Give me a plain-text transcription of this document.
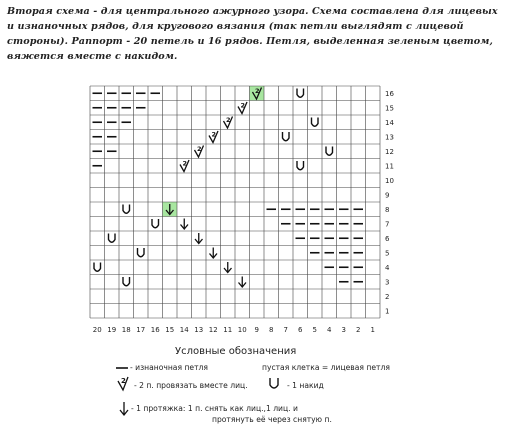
Вторая схема - для центрального ажурного узора. Схема составлена для лицевых и изнаночных рядов, для кругового вязания (так петли выглядят с лицевой стороны). Раппорт - 20 петель и 16 рядов. Петля, выделенная зеленым цветом, вяжется вместе с накидом.
2
2
2
2
2
2
20 19 18 17 16 15 14 13 12 11 10 9 8 7 6 5 4 3 2 1
16
15
14
13
12
11
10
9
8
7
6
5
4
3
2
1
Условные обозначения
- изнаночная петля	пустая клетка = лицевая петля
2 - 2 п. провязать вместе лиц.	- 1 накид
- 1 протяжка: 1 п. снять как лиц.,1 лиц. и
протянуть её через снятую п.
